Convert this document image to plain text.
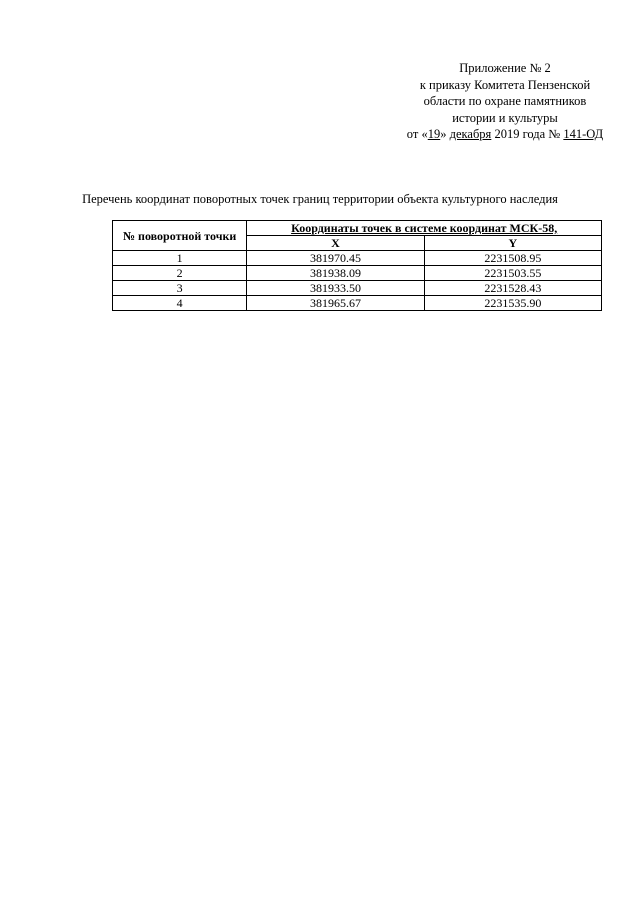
Приложение № 2
к приказу Комитета Пензенской
области по охране памятников
истории и культуры
от «19» декабря 2019 года № 141-ОД
Перечень координат поворотных точек границ территории объекта культурного наследия
№ поворотной точки	Координаты точек в системе координат МСК-58,	
	X	Y
1	381970.45	2231508.95
2	381938.09	2231503.55
3	381933.50	2231528.43
4	381965.67	2231535.90
